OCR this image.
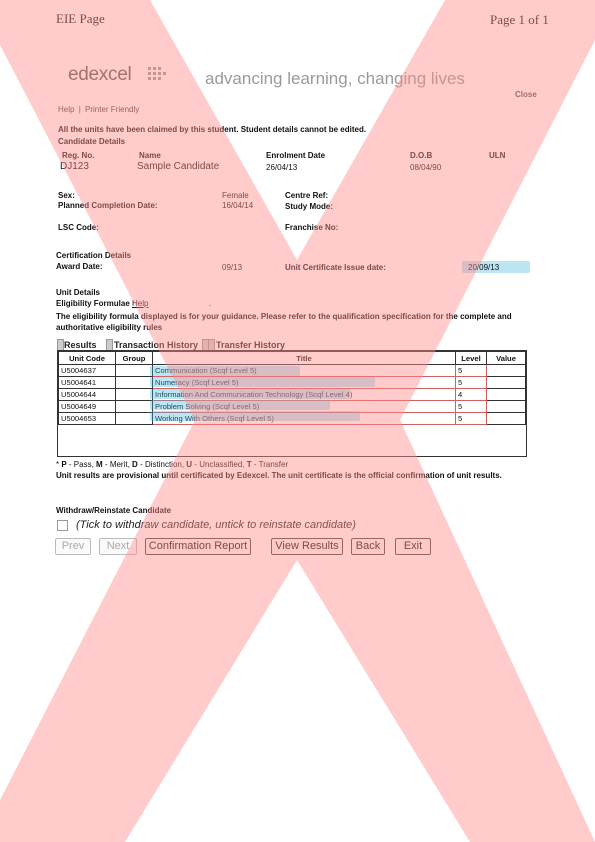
EIE Page	Page 1 of 1
edexcel	advancing learning, changing lives
Close
Help | Printer Friendly
All the units have been claimed by this student. Student details cannot be edited.
Candidate Details
Reg. No.	Name	Enrolment Date	D.O.B	ULN
DJ123	Sample Candidate	26/04/13	08/04/90
Sex:	Female	Centre Ref:
Planned Completion Date:	16/04/14	Study Mode:
LSC Code:	Franchise No:
Certification Details
Award Date:	09/13	Unit Certificate Issue date:	20/09/13
Unit Details
Eligibility Formulae Help	.
The eligibility formula displayed is for your guidance. Please refer to the qualification specification for the complete and authoritative eligibility rules
Results Transaction History Transfer History
Unit Code	Group	Title	Level	Value
U5004637		Communication (Scqf Level 5)	5	
U5004641		Numeracy (Scqf Level 5)	5	
U5004644		Information And Communication Technology (Scqf Level 4)	4	
U5004649		Problem Solving (Scqf Level 5)	5	
U5004653		Working With Others (Scqf Level 5)	5	

* P - Pass, M - Merit, D - Distinction, U - Unclassified, T - Transfer
Unit results are provisional until certificated by Edexcel. The unit certificate is the official confirmation of unit results.
Withdraw/Reinstate Candidate
(Tick to withdraw candidate, untick to reinstate candidate)
Prev	Next	Confirmation Report	View Results	Back	Exit
